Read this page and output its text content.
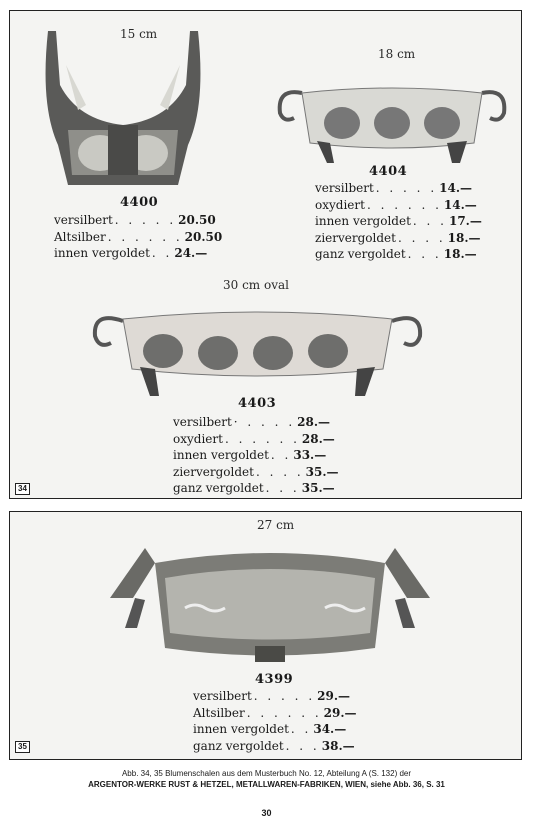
15 cm
4400
versilbert . . . . . 20.50
Altsilber . . . . . . 20.50
innen vergoldet . . 24.—
18 cm
4404
versilbert . . . . . 14.—
oxydiert . . . . . . 14.—
innen vergoldet . . . 17.—
ziervergoldet . . . . 18.—
ganz vergoldet . . . 18.—
30 cm oval
4403
versilbert · . . . . 28.—
oxydiert . . . . . . 28.—
innen vergoldet . . 33.—
ziervergoldet . . . . 35.—
ganz vergoldet . . . 35.—
34
27 cm
4399
versilbert . . . . . 29.—
Altsilber . . . . . . 29.—
innen vergoldet . . 34.—
ganz vergoldet . . . 38.—
35
Abb. 34, 35 Blumenschalen aus dem Musterbuch No. 12, Abteilung A (S. 132) der
ARGENTOR-WERKE RUST & HETZEL, METALLWAREN-FABRIKEN, WIEN, siehe Abb. 36, S. 31
30
